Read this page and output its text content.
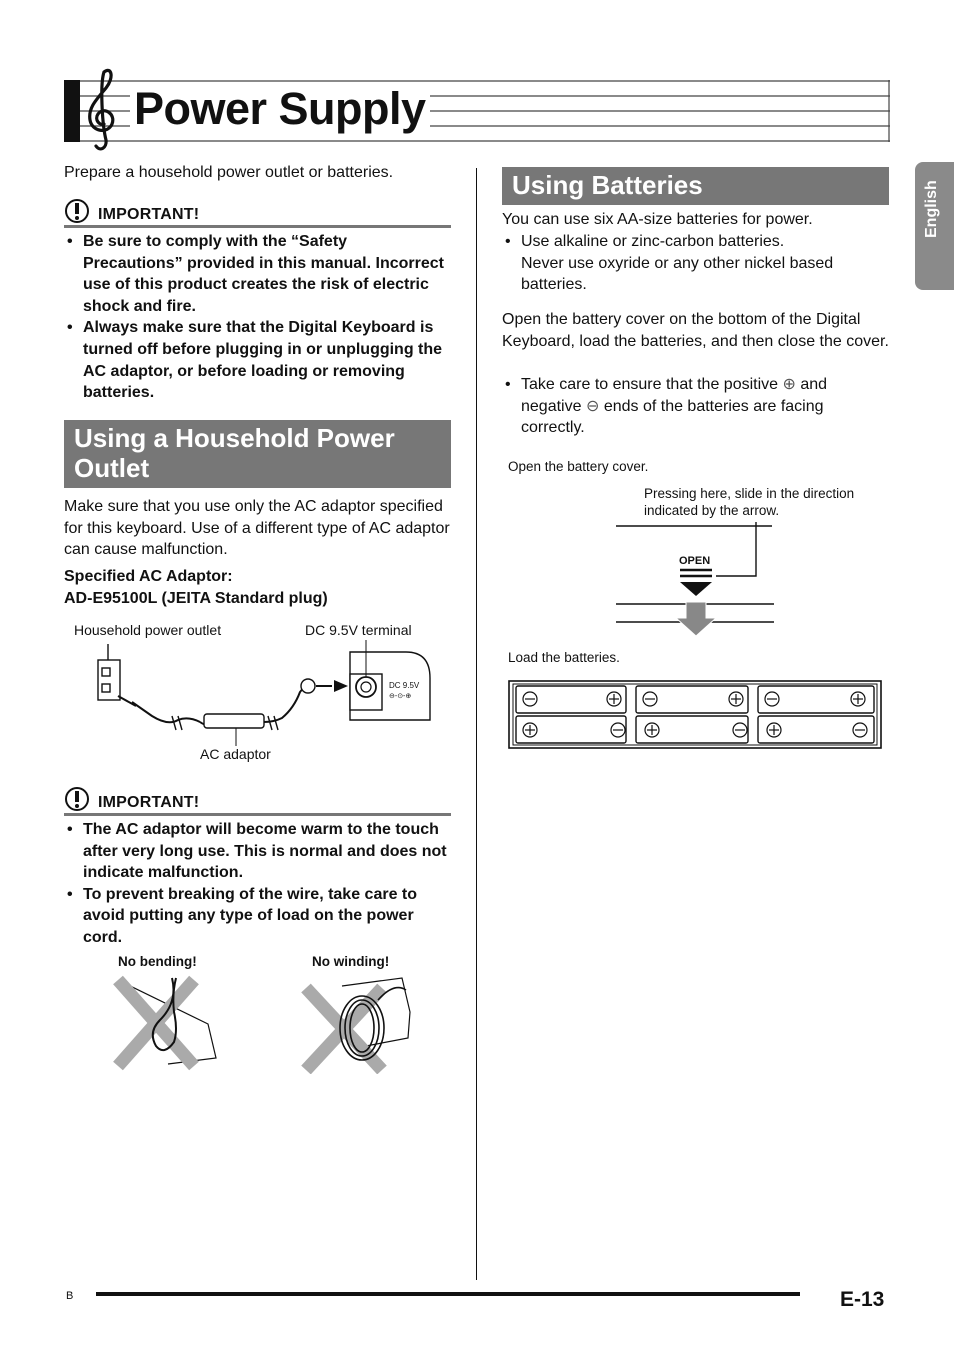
Power Supply
English

Prepare a household power outlet or batteries.

IMPORTANT!
• Be sure to comply with the “Safety Precautions” provided in this manual. Incorrect use of this product creates the risk of electric shock and fire.
• Always make sure that the Digital Keyboard is turned off before plugging in or unplugging the AC adaptor, or before loading or removing batteries.
Using a Household Power Outlet

Make sure that you use only the AC adaptor specified for this keyboard. Use of a different type of AC adaptor can cause malfunction.

Specified AC Adaptor:

AD-E95100L (JEITA Standard plug)

Household power outlet	DC 9.5V terminal
DC 9.5V
⊖-⊙-⊕
AC adaptor
IMPORTANT!
• The AC adaptor will become warm to the touch after very long use. This is normal and does not indicate malfunction.
• To prevent breaking of the wire, take care to avoid putting any type of load on the power cord.
No bending!	No winding!
Using Batteries

You can use six AA-size batteries for power.

• Use alkaline or zinc-carbon batteries.
Never use oxyride or any other nickel based batteries.

Open the battery cover on the bottom of the Digital Keyboard, load the batteries, and then close the cover.

• Take care to ensure that the positive ⊕ and negative ⊖ ends of the batteries are facing correctly.
Open the battery cover.
Pressing here, slide in the direction indicated by the arrow.
OPEN
Load the batteries.
B	E-13
